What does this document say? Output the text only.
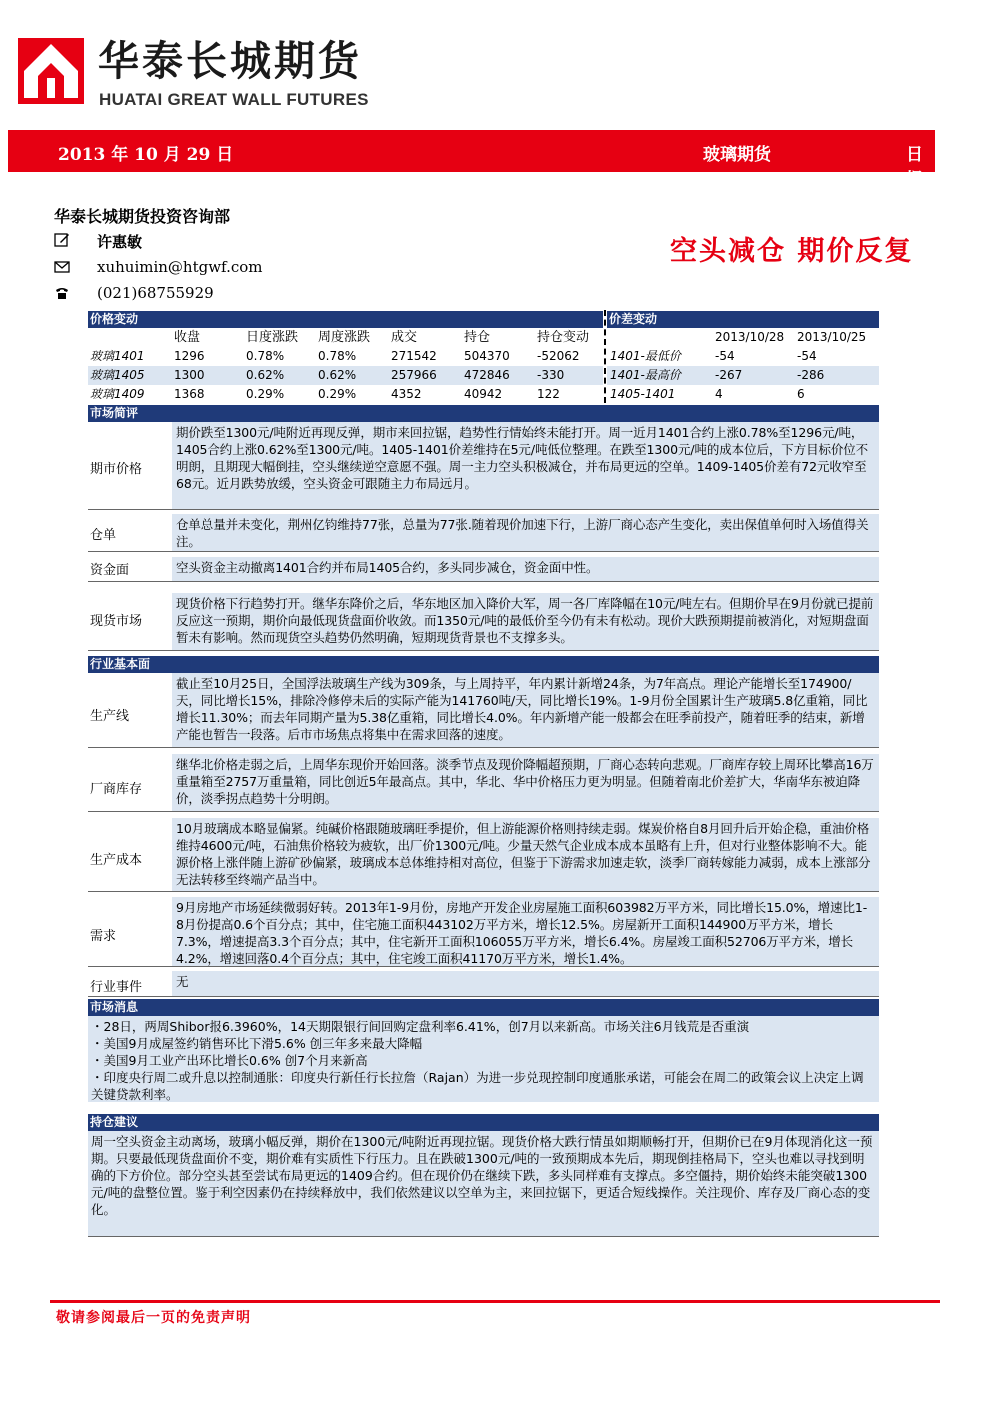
华泰长城期货
HUATAI GREAT WALL FUTURES
2013 年 10 月 29 日	玻璃期货	日报
华泰长城期货投资咨询部
许惠敏
xuhuimin@htgwf.com
(021)68755929
空头减仓 期价反复
价格变动	价差变动
收盘	日度涨跌 周度涨跌 成交	持仓	持仓变动
玻璃1401 1296	0.78%	0.78%	271542 504370 -52062
玻璃1405 1300	0.62%	0.62%	257966 472846 -330
玻璃1409 1368	0.29%	0.29%	4352	40942	122
2013/10/28 2013/10/25
1401-最低价	-54	-54
1401-最高价	-267	-286
1405-1401	4	6
市场简评
期市价格
期价跌至1300元/吨附近再现反弹，期市来回拉锯，趋势性行情始终未能打开。周一近月1401合约上涨0.78%至1296元/吨，1405合约上涨0.62%至1300元/吨。1405-1401价差维持在5元/吨低位整理。在跌至1300元/吨的成本位后，下方目标价位不明朗，且期现大幅倒挂，空头继续逆空意愿不强。周一主力空头积极减仓，并布局更远的空单。1409-1405价差有72元收窄至68元。近月跌势放缓，空头资金可跟随主力布局远月。
仓单
仓单总量并未变化，荆州亿钧维持77张，总量为77张.随着现价加速下行，上游厂商心态产生变化，卖出保值单何时入场值得关注。
资金面	空头资金主动撤离1401合约并布局1405合约，多头同步减仓，资金面中性。
现货市场
现货价格下行趋势打开。继华东降价之后，华东地区加入降价大军，周一各厂库降幅在10元/吨左右。但期价早在9月份就已提前反应这一预期，期价向最低现货盘面价收敛。而1350元/吨的最低价至今仍有未有松动。现价大跌预期提前被消化，对短期盘面暂未有影响。然而现货空头趋势仍然明确，短期现货背景也不支撑多头。
行业基本面
生产线
截止至10月25日，全国浮法玻璃生产线为309条，与上周持平，年内累计新增24条，为7年高点。理论产能增长至174900/天，同比增长15%，排除冷修停未后的实际产能为141760吨/天，同比增长19%。1-9月份全国累计生产玻璃5.8亿重箱，同比增长11.30%；而去年同期产量为5.38亿重箱，同比增长4.0%。年内新增产能一般都会在旺季前投产，随着旺季的结束，新增产能也暂告一段落。后市市场焦点将集中在需求回落的速度。
厂商库存
继华北价格走弱之后，上周华东现价开始回落。淡季节点及现价降幅超预期，厂商心态转向悲观。厂商库存较上周环比攀高16万重量箱至2757万重量箱，同比创近5年最高点。其中，华北、华中价格压力更为明显。但随着南北价差扩大，华南华东被迫降价，淡季拐点趋势十分明朗。
生产成本
10月玻璃成本略显偏紧。纯碱价格跟随玻璃旺季提价，但上游能源价格则持续走弱。煤炭价格自8月回升后开始企稳，重油价格维持4600元/吨，石油焦价格较为疲软，出厂价1300元/吨。少量天然气企业成本成本虽略有上升，但对行业整体影响不大。能源价格上涨伴随上游矿砂偏紧，玻璃成本总体维持相对高位，但鉴于下游需求加速走软，淡季厂商转嫁能力减弱，成本上涨部分无法转移至终端产品当中。
需求
9月房地产市场延续微弱好转。2013年1-9月份，房地产开发企业房屋施工面积603982万平方米，同比增长15.0%，增速比1-8月份提高0.6个百分点；其中，住宅施工面积443102万平方米，增长12.5%。房屋新开工面积144900万平方米，增长7.3%，增速提高3.3个百分点；其中，住宅新开工面积106055万平方米，增长6.4%。房屋竣工面积52706万平方米，增长4.2%，增速回落0.4个百分点；其中，住宅竣工面积41170万平方米，增长1.4%。
行业事件	无
市场消息
・28日，两周Shibor报6.3960%，14天期限银行间回购定盘利率6.41%，创7月以来新高。市场关注6月钱荒是否重演
・美国9月成屋签约销售环比下滑5.6% 创三年多来最大降幅
・美国9月工业产出环比增长0.6% 创7个月来新高
・印度央行周二或升息以控制通胀：印度央行新任行长拉詹（Rajan）为进一步兑现控制印度通胀承诺，可能会在周二的政策会议上决定上调关键贷款利率。
持仓建议
周一空头资金主动离场，玻璃小幅反弹，期价在1300元/吨附近再现拉锯。现货价格大跌行情虽如期顺畅打开，但期价已在9月体现消化这一预期。只要最低现货盘面价不变，期价难有实质性下行压力。且在跌破1300元/吨的一致预期成本先后，期现倒挂格局下，空头也难以寻找到明确的下方价位。部分空头甚至尝试布局更远的1409合约。但在现价仍在继续下跌，多头同样难有支撑点。多空僵持，期价始终未能突破1300元/吨的盘整位置。鉴于利空因素仍在持续释放中，我们依然建议以空单为主，来回拉锯下，更适合短线操作。关注现价、库存及厂商心态的变化。
敬请参阅最后一页的免责声明
